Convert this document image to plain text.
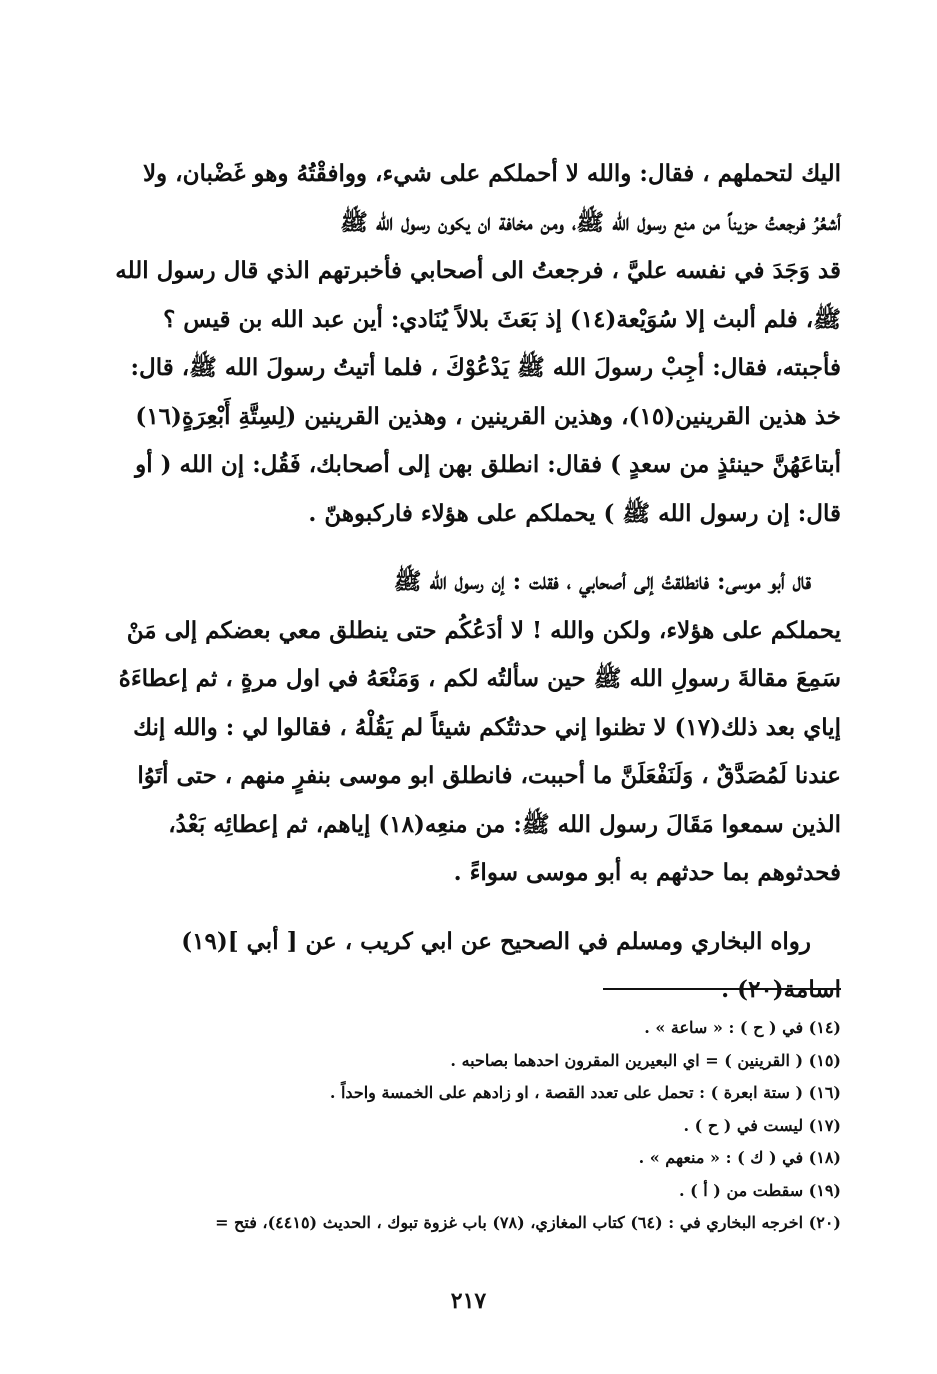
اليك لتحملهم ، فقال: والله لا أحملكم على شيء، ووافقْتُهُ وهو غَضْبان، ولا

أشعُرُ فرجعتُ حزيناً من منع رسول الله ﷺ، ومن مخافة ان يكون رسول الله ﷺ

قد وَجَدَ في نفسه عليَّ ، فرجعتُ الى أصحابي فأخبرتهم الذي قال رسول الله

ﷺ، فلم ألبث إلا سُوَيْعة(١٤) إذ بَعَثَ بلالاً يُنَادي: أين عبد الله بن قيس ؟

فأجبته، فقال: أجِبْ رسولَ الله ﷺ يَدْعُوْكَ ، فلما أتيتُ رسولَ الله ﷺ، قال:

خذ هذين القرينين(١٥)، وهذين القرينين ، وهذين القرينين (لِسِتَّةِ أَبْعِرَةٍ(١٦)

أبتاعَهُنَّ حينئذٍ من سعدٍ ) فقال: انطلق بهن إلى أصحابك، فَقُل: إن الله ( أو

قال: إن رسول الله ﷺ ) يحملكم على هؤلاء فاركبوهنّ .

قال أبو موسى: فانطلقتُ إلى أصحابي ، فقلت : إن رسول الله ﷺ

يحملكم على هؤلاء، ولكن والله ! لا أدَعُكُم حتى ينطلق معي بعضكم إلى مَنْ

سَمِعَ مقالةَ رسولِ الله ﷺ حين سألتُه لكم ، وَمَنْعَهُ في اول مرةٍ ، ثم إعطاءَهُ

إياي بعد ذلك(١٧) لا تظنوا إني حدثتُكم شيئاً لم يَقُلْهُ ، فقالوا لي : والله إنك

عندنا لَمُصَدَّقٌ ، وَلَنَفْعَلَنَّ ما أحببت، فانطلق ابو موسى بنفرٍ منهم ، حتى أتَوُا

الذين سمعوا مَقَالَ رسول الله ﷺ: من منعِه(١٨) إياهم، ثم إعطائِه بَعْدُ،

فحدثوهم بما حدثهم به أبو موسى سواءً .

رواه البخاري ومسلم في الصحيح عن ابي كريب ، عن [ أبي ](١٩)

اسامة(٢٠) .

(١٤) في ( ح ) : « ساعة » .
(١٥) ( القرينين ) = اي البعيرين المقرون احدهما بصاحبه .
(١٦) ( ستة ابعرة ) : تحمل على تعدد القصة ، او زادهم على الخمسة واحداً .
(١٧) ليست في ( ح ) .
(١٨) في ( ك ) : « منعهم » .
(١٩) سقطت من ( أ ) .
(٢٠) اخرجه البخاري في : (٦٤) كتاب المغازي، (٧٨) باب غزوة تبوك ، الحديث (٤٤١٥)، فتح =
٢١٧
